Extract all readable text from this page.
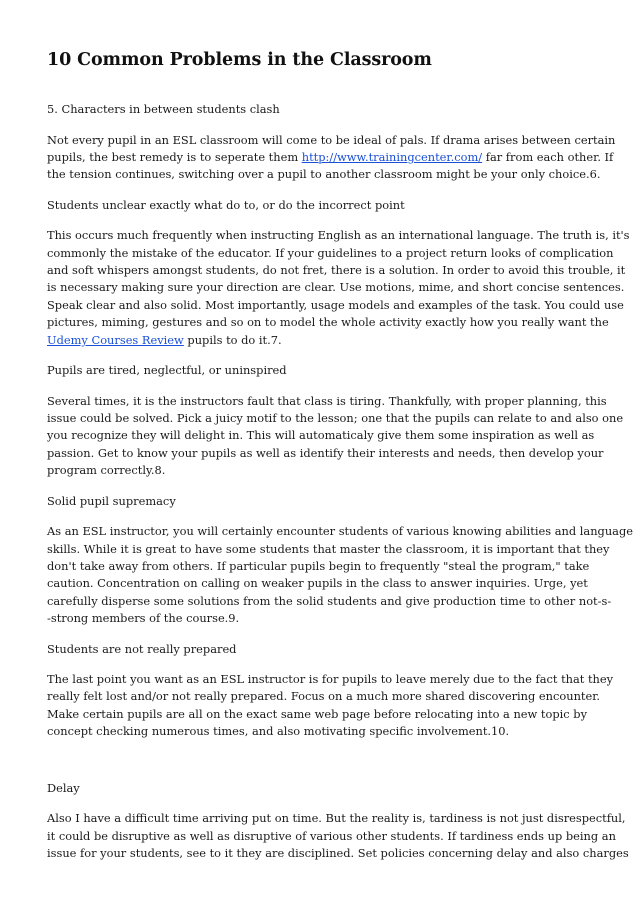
10 Common Problems in the Classroom
5. Characters in between students clash
Not every pupil in an ESL classroom will come to be ideal of pals. If drama arises between certain
pupils, the best remedy is to seperate them http://www.trainingcenter.com/ far from each other. If
the tension continues, switching over a pupil to another classroom might be your only choice.6.
Students unclear exactly what do to, or do the incorrect point
This occurs much frequently when instructing English as an international language. The truth is, it's
commonly the mistake of the educator. If your guidelines to a project return looks of complication
and soft whispers amongst students, do not fret, there is a solution. In order to avoid this trouble, it
is necessary making sure your direction are clear. Use motions, mime, and short concise sentences.
Speak clear and also solid. Most importantly, usage models and examples of the task. You could use
pictures, miming, gestures and so on to model the whole activity exactly how you really want the
Udemy Courses Review pupils to do it.7.
Pupils are tired, neglectful, or uninspired
Several times, it is the instructors fault that class is tiring. Thankfully, with proper planning, this
issue could be solved. Pick a juicy motif to the lesson; one that the pupils can relate to and also one
you recognize they will delight in. This will automaticaly give them some inspiration as well as
passion. Get to know your pupils as well as identify their interests and needs, then develop your
program correctly.8.
Solid pupil supremacy
As an ESL instructor, you will certainly encounter students of various knowing abilities and language
skills. While it is great to have some students that master the classroom, it is important that they
don't take away from others. If particular pupils begin to frequently "steal the program," take
caution. Concentration on calling on weaker pupils in the class to answer inquiries. Urge, yet
carefully disperse some solutions from the solid students and give production time to other not-s-
-strong members of the course.9.
Students are not really prepared
The last point you want as an ESL instructor is for pupils to leave merely due to the fact that they
really felt lost and/or not really prepared. Focus on a much more shared discovering encounter.
Make certain pupils are all on the exact same web page before relocating into a new topic by
concept checking numerous times, and also motivating specific involvement.10.
Delay
Also I have a difficult time arriving put on time. But the reality is, tardiness is not just disrespectful,
it could be disruptive as well as disruptive of various other students. If tardiness ends up being an
issue for your students, see to it they are disciplined. Set policies concerning delay and also charges
